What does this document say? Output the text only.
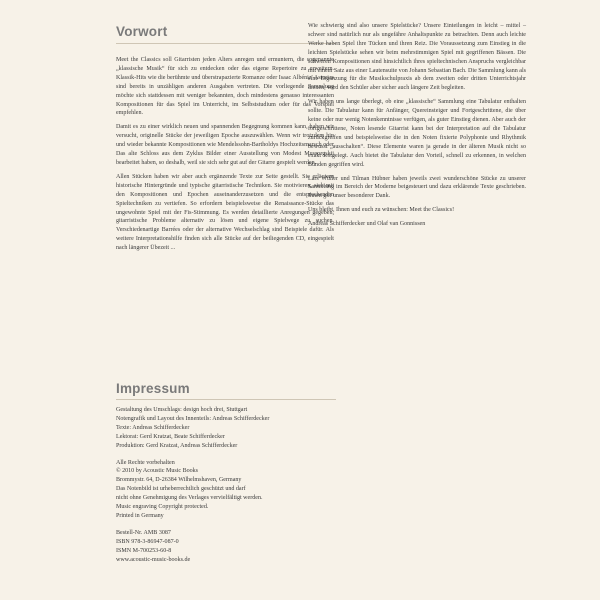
Vorwort

Meet the Classics soll Gitarristen jeden Alters anregen und ermuntern, die sogenannte „klassische Musik“ für sich zu entdecken oder das eigene Repertoire zu erweitern. Klassik-Hits wie die berühmte und überstrapazierte Romanze oder Isaac Albéniz' Asturias sind bereits in unzähligen anderen Ausgaben vertreten. Die vorliegende Sammlung möchte sich stattdessen mit weniger bekannten, doch mindestens genauso interessanten Kompositionen für das Spiel im Unterricht, im Selbststudium oder für das Vorspiel empfehlen.

Damit es zu einer wirklich neuen und spannenden Begegnung kommen kann, haben wir versucht, originelle Stücke der jeweiligen Epoche auszuwählen. Wenn wir trotzdem hin und wieder bekannte Kompositionen wie Mendelssohn-Bartholdys Hochzeitsmarsch oder Das alte Schloss aus dem Zyklus Bilder einer Ausstellung von Modest Mussorgskij bearbeitet haben, so deshalb, weil sie sich sehr gut auf der Gitarre gespielt werden.

Allen Stücken haben wir aber auch ergänzende Texte zur Seite gestellt. Sie erläutern historische Hintergründe und typische gitarristische Techniken. Sie motivieren, sich mit den Kompositionen und Epochen auseinanderzusetzen und die entsprechenden Spieltechniken zu vertiefen. So erfordern beispielsweise die Renaissance-Stücke das ungewohnte Spiel mit der Fis-Stimmung. Es werden detaillierte Anregungen gegeben, gitarristische Probleme alternativ zu lösen und eigene Spielwege zu suchen. Verschiedenartige Barrées oder der alternative Wechselschlag sind Beispiele dafür. Als weitere Interpretationshilfe finden sich alle Stücke auf der beiliegenden CD, eingespielt nach längerer Übezeit ...

Wie schwierig sind also unsere Spielstücke? Unsere Einteilungen in leicht – mittel – schwer sind natürlich nur als ungefähre Anhaltspunkte zu betrachten. Denn auch leichte Werke haben Spiel ihre Tücken und ihren Reiz. Die Voraussetzung zum Einstieg in die leichten Spielstücke sehen wir beim mehrstimmigen Spiel mit gegriffenen Bässen. Die schweren Kompositionen sind hinsichtlich ihres spieltechnischen Anspruchs vergleichbar mit einem Satz aus einer Lautensuite von Johann Sebastian Bach. Die Sammlung kann als eine Ergänzung für die Musikschulpraxis ab dem zweiten oder dritten Unterrichtsjahr dienen, wird den Schüler aber sicher auch längere Zeit begleiten.

Wir haben uns lange überlegt, ob eine „klassische“ Sammlung eine Tabulatur enthalten sollte. Die Tabulatur kann für Anfänger, Quereinsteiger und Fortgeschrittene, die über keine oder nur wenig Notenkenntnisse verfügen, als guter Einstieg dienen. Aber auch der fortgeschrittene, Noten lesende Gitarrist kann bei der Interpretation auf die Tabulatur zurückgreifen und beispielsweise die in den Noten fixierte Polyphonie und Rhythmik bewusst „ausschalten“. Diese Elemente waren ja gerade in der älteren Musik nicht so exakt festgelegt. Auch bietet die Tabulatur den Vorteil, schnell zu erkennen, in welchen Bünden gegriffen wird.

Lars Wüller und Tilman Hübner haben jeweils zwei wunderschöne Stücke zu unserer Sammlung im Bereich der Moderne beigesteuert und dazu erklärende Texte geschrieben. Ihnen gilt unser besonderer Dank.

Uns bleibt, Ihnen und euch zu wünschen: Meet the Classics!

Andreas Schifferdecker und Olaf van Gonnissen

Impressum

Gestaltung des Umschlags: design hoch drei, Stuttgart

Notengrafik und Layout des Innenteils: Andreas Schifferdecker

Texte: Andreas Schifferdecker

Lektorat: Gerd Kratzat, Beate Schifferdecker

Produktion: Gerd Kratzat, Andreas Schifferdecker

Alle Rechte vorbehalten

© 2010 by Acoustic Music Books

Brommystr. 64, D-26384 Wilhelmshaven, Germany

Das Notenbild ist urheberrechtlich geschützt und darf

nicht ohne Genehmigung des Verlages vervielfältigt werden.

Music engraving Copyright protected.

Printed in Germany

Bestell-Nr. AMB 3087

ISBN 978-3-86947-087-0

ISMN M-700253-60-8

www.acoustic-music-books.de
